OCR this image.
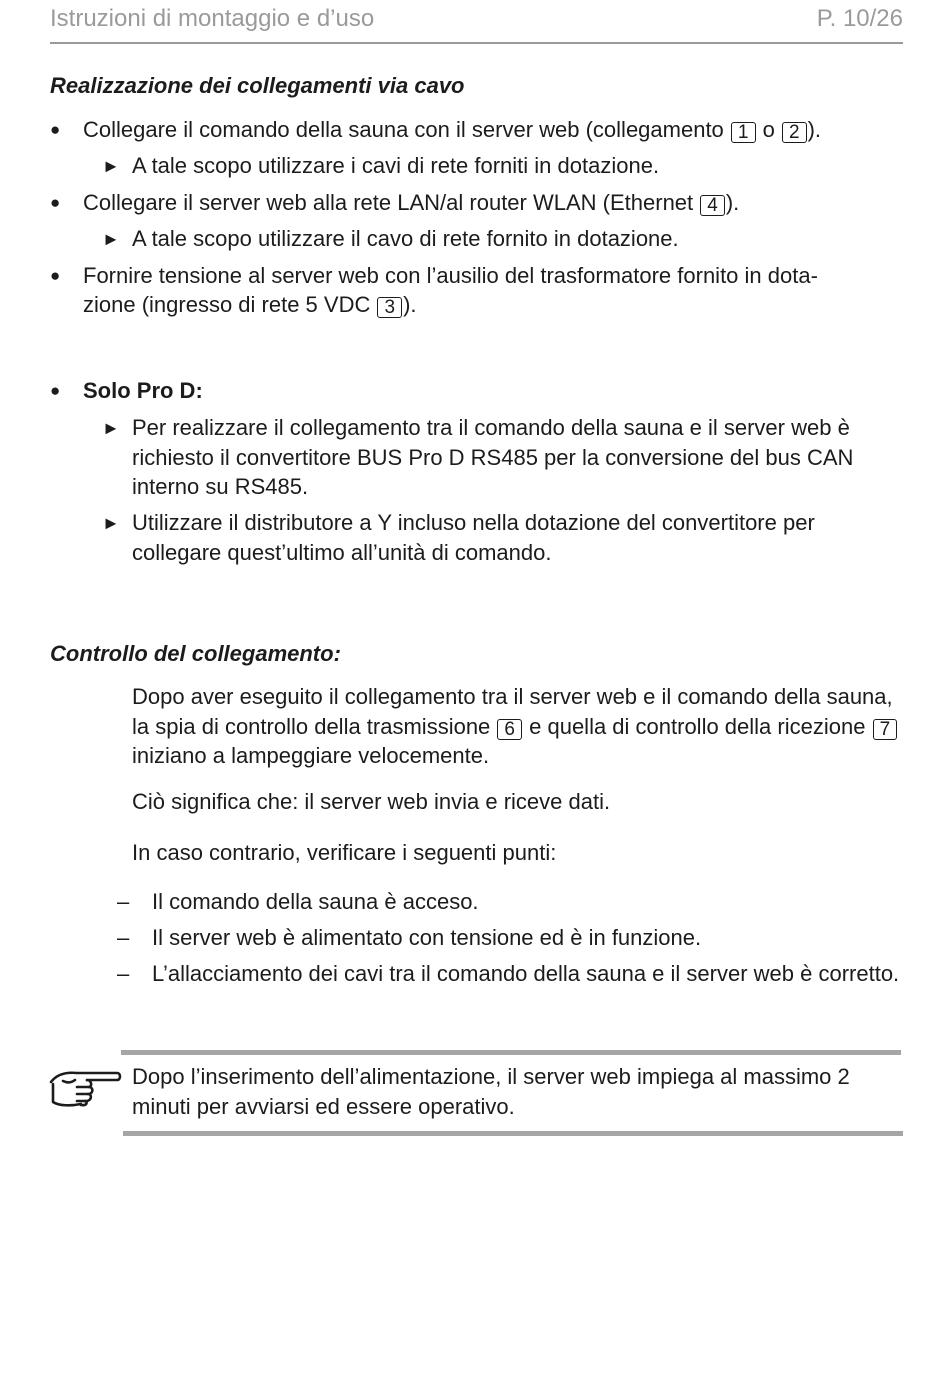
Istruzioni di montaggio e d’uso	P. 10/26
Realizzazione dei collegamenti via cavo
● Collegare il comando della sauna con il server web (collegamento 1 o 2 ).
► A tale scopo utilizzare i cavi di rete forniti in dotazione.
● Collegare il server web alla rete LAN/al router WLAN (Ethernet 4 ).
► A tale scopo utilizzare il cavo di rete fornito in dotazione.
● Fornire tensione al server web con l’ausilio del trasformatore fornito in dota-
zione (ingresso di rete 5 VDC 3 ).
● Solo Pro D:
► Per realizzare il collegamento tra il comando della sauna e il server web è richiesto il convertitore BUS Pro D RS485 per la conversione del bus CAN interno su RS485.
► Utilizzare il distributore a Y incluso nella dotazione del convertitore per collegare quest’ultimo all’unità di comando.
Controllo del collegamento:
Dopo aver eseguito il collegamento tra il server web e il comando della sauna, la spia di controllo della trasmissione 6 e quella di controllo della ricezione 7 iniziano a lampeggiare velocemente.
Ciò significa che: il server web invia e riceve dati.
In caso contrario, verificare i seguenti punti:
– Il comando della sauna è acceso.
– Il server web è alimentato con tensione ed è in funzione.
– L’allacciamento dei cavi tra il comando della sauna e il server web è corretto.
Dopo l’inserimento dell’alimentazione, il server web impiega al massimo 2 minuti per avviarsi ed essere operativo.
